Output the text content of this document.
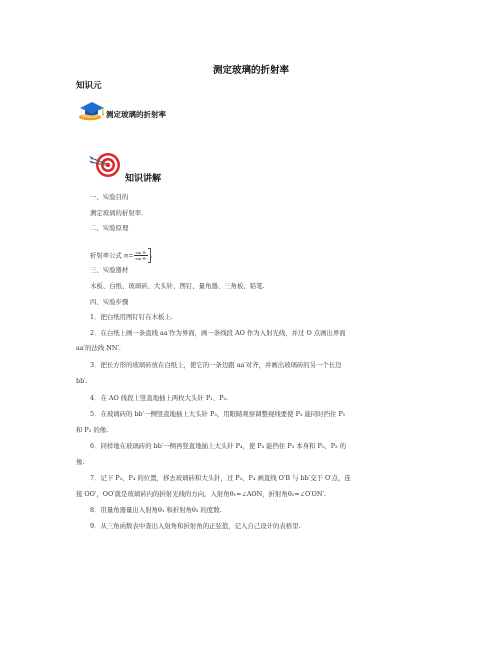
测定玻璃的折射率
知识元
测定玻璃的折射率
知识讲解
一、实验目的
测定玻璃的折射率.
二、实验原理
折射率公式 $n= \frac{\text{sin θ₁}}{\text{sin θ₂}}$ .
三、实验器材
木板、白纸、玻璃砖、大头针、图钉、量角器、三角板、铅笔.
四、实验步骤
1．把白纸用图钉钉在木板上.
2．在白纸上画一条直线 aa′作为界面，画一条线段 AO 作为入射光线，并过 O 点画出界面
aa′的法线 NN′.
3．把长方形的玻璃砖放在白纸上，使它的一条边跟 aa′对齐，并画出玻璃砖的另一个长边
bb′.
4．在 AO 线段上竖直地插上两枚大头针 P₁、P₂.
5．在玻璃砖的 bb′一侧竖直地插上大头针 P₃，用眼睛观察调整视线要使 P₃ 能同时挡住 P₁
和 P₂ 的像.
6．同样地在玻璃砖的 bb′一侧再竖直地插上大头针 P₄，使 P₄ 能挡住 P₃ 本身和 P₁、P₂ 的
像.
7．记下 P₃、P₄ 的位置，移去玻璃砖和大头针，过 P₃、P₄ 画直线 O′B 与 bb′交于 O′点，连
接 OO′，OO′就是玻璃砖内的折射光线的方向，入射角θ₁=∠AON，折射角θ₂=∠O′ON′.
8．用量角器量出入射角θ₁ 和折射角θ₂ 的度数.
9．从三角函数表中查出入射角和折射角的正弦值，记入自己设计的表格里.
